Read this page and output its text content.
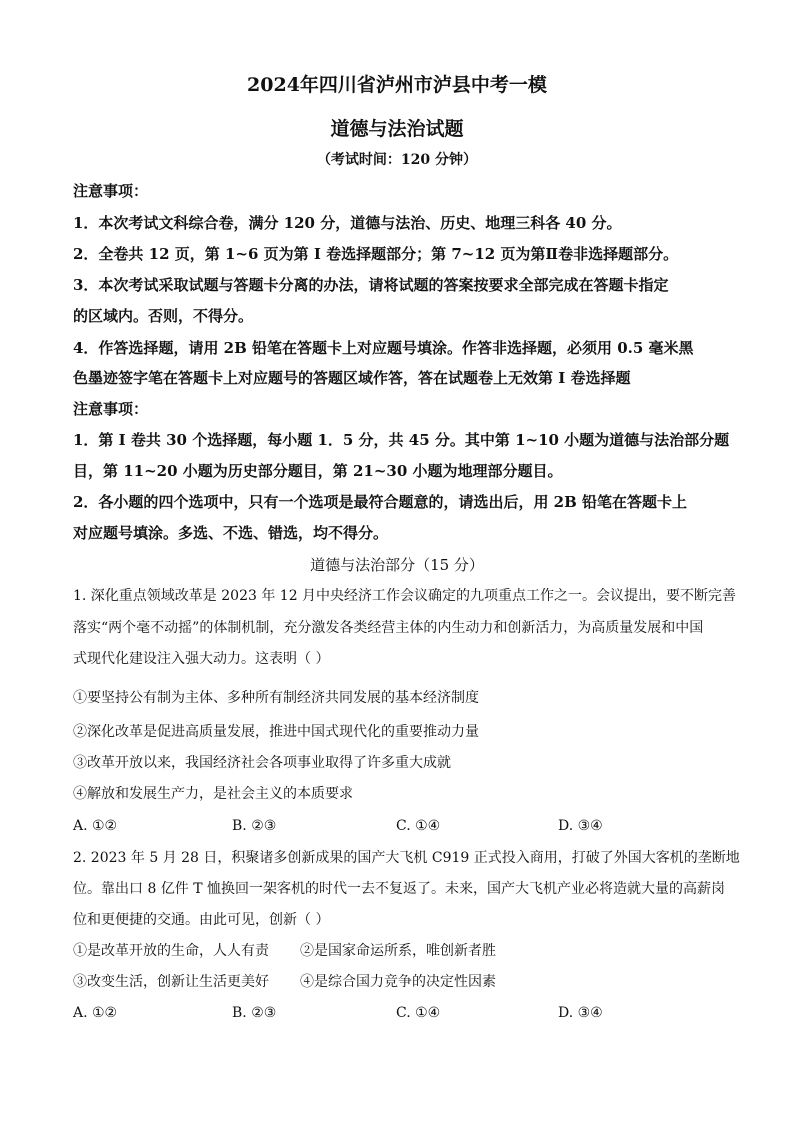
2024年四川省泸州市泸县中考一模
道德与法治试题
（考试时间：120 分钟）
注意事项：
1．本次考试文科综合卷，满分 120 分，道德与法治、历史、地理三科各 40 分。
2．全卷共 12 页，第 1~6 页为第 I 卷选择题部分；第 7~12 页为第Ⅱ卷非选择题部分。
3．本次考试采取试题与答题卡分离的办法，请将试题的答案按要求全部完成在答题卡指定
的区域内。否则，不得分。
4．作答选择题，请用 2B 铅笔在答题卡上对应题号填涂。作答非选择题，必须用 0.5 毫米黑
色墨迹签字笔在答题卡上对应题号的答题区域作答，答在试题卷上无效第 I 卷选择题
注意事项：
1．第 I 卷共 30 个选择题，每小题 1．5 分，共 45 分。其中第 1~10 小题为道德与法治部分题
目，第 11~20 小题为历史部分题目，第 21~30 小题为地理部分题目。
2．各小题的四个选项中，只有一个选项是最符合题意的，请选出后，用 2B 铅笔在答题卡上
对应题号填涂。多选、不选、错选，均不得分。
道德与法治部分（15 分）
1. 深化重点领域改革是 2023 年 12 月中央经济工作会议确定的九项重点工作之一。会议提出，要不断完善
落实“两个毫不动摇”的体制机制，充分激发各类经营主体的内生动力和创新活力，为高质量发展和中国
式现代化建设注入强大动力。这表明（ ）
①要坚持公有制为主体、多种所有制经济共同发展的基本经济制度
②深化改革是促进高质量发展，推进中国式现代化的重要推动力量
③改革开放以来，我国经济社会各项事业取得了许多重大成就
④解放和发展生产力，是社会主义的本质要求
A. ①②	B. ②③	C. ①④	D. ③④
2. 2023 年 5 月 28 日，积聚诸多创新成果的国产大飞机 C919 正式投入商用，打破了外国大客机的垄断地
位。靠出口 8 亿件 T 恤换回一架客机的时代一去不复返了。未来，国产大飞机产业必将造就大量的高薪岗
位和更便捷的交通。由此可见，创新（ ）
①是改革开放的生命，人人有责 ②是国家命运所系，唯创新者胜
③改变生活，创新让生活更美好 ④是综合国力竞争的决定性因素
A. ①②	B. ②③	C. ①④	D. ③④
